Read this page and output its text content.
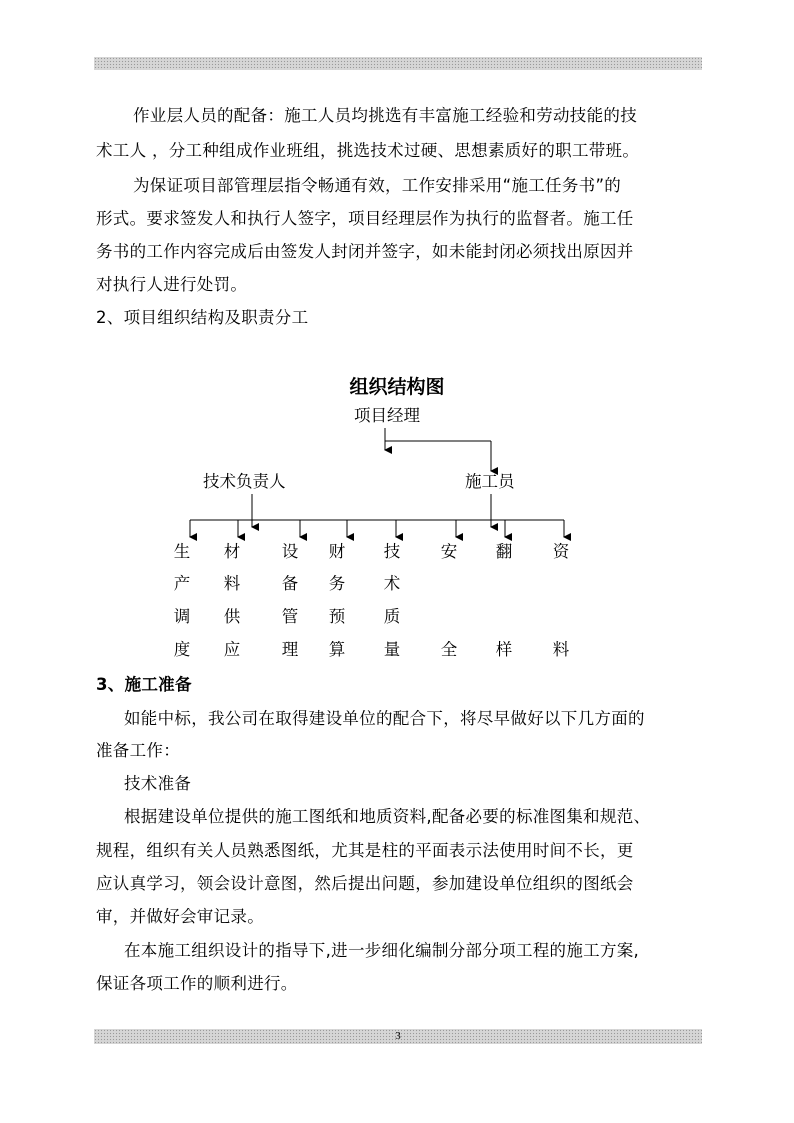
作业层人员的配备：施工人员均挑选有丰富施工经验和劳动技能的技
术工人 ，分工种组成作业班组，挑选技术过硬、思想素质好的职工带班。
为保证项目部管理层指令畅通有效，工作安排采用“施工任务书”的
形式。要求签发人和执行人签字，项目经理层作为执行的监督者。施工任
务书的工作内容完成后由签发人封闭并签字，如未能封闭必须找出原因并
对执行人进行处罚。
2、项目组织结构及职责分工
组织结构图
项目经理
技术负责人	施工员
生
产
调
度
材
料
供
应
设
备
管
理
财
务
预
算
技
术
质
量
安
全
翻
样
资
料
3、施工准备
如能中标，我公司在取得建设单位的配合下，将尽早做好以下几方面的
准备工作：
技术准备
根据建设单位提供的施工图纸和地质资料,配备必要的标准图集和规范、
规程，组织有关人员熟悉图纸，尤其是柱的平面表示法使用时间不长，更
应认真学习，领会设计意图，然后提出问题，参加建设单位组织的图纸会
审，并做好会审记录。
在本施工组织设计的指导下,进一步细化编制分部分项工程的施工方案,
保证各项工作的顺利进行。
3
